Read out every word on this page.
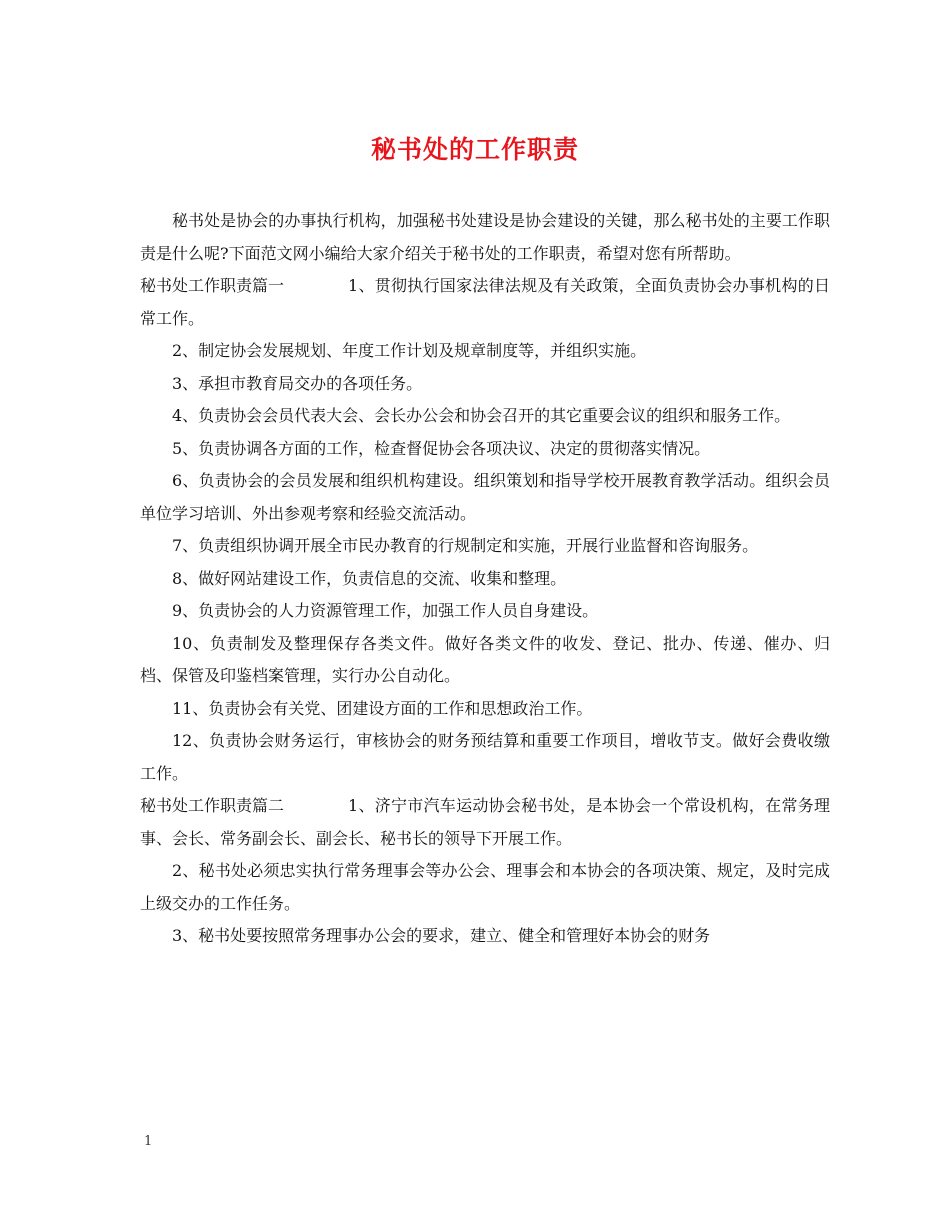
秘书处的工作职责

秘书处是协会的办事执行机构，加强秘书处建设是协会建设的关键，那么秘书处的主要工作职责是什么呢?下面范文网小编给大家介绍关于秘书处的工作职责，希望对您有所帮助。

秘书处工作职责篇一	1、贯彻执行国家法律法规及有关政策，全面负责协会办事机构的日常工作。

2、制定协会发展规划、年度工作计划及规章制度等，并组织实施。

3、承担市教育局交办的各项任务。

4、负责协会会员代表大会、会长办公会和协会召开的其它重要会议的组织和服务工作。

5、负责协调各方面的工作，检查督促协会各项决议、决定的贯彻落实情况。

6、负责协会的会员发展和组织机构建设。组织策划和指导学校开展教育教学活动。组织会员单位学习培训、外出参观考察和经验交流活动。

7、负责组织协调开展全市民办教育的行规制定和实施，开展行业监督和咨询服务。

8、做好网站建设工作，负责信息的交流、收集和整理。

9、负责协会的人力资源管理工作，加强工作人员自身建设。

10、负责制发及整理保存各类文件。做好各类文件的收发、登记、批办、传递、催办、归档、保管及印鉴档案管理，实行办公自动化。

11、负责协会有关党、团建设方面的工作和思想政治工作。

12、负责协会财务运行，审核协会的财务预结算和重要工作项目，增收节支。做好会费收缴工作。

秘书处工作职责篇二	1、济宁市汽车运动协会秘书处，是本协会一个常设机构，在常务理事、会长、常务副会长、副会长、秘书长的领导下开展工作。

2、秘书处必须忠实执行常务理事会等办公会、理事会和本协会的各项决策、规定，及时完成上级交办的工作任务。

3、秘书处要按照常务理事办公会的要求，建立、健全和管理好本协会的财务

1
